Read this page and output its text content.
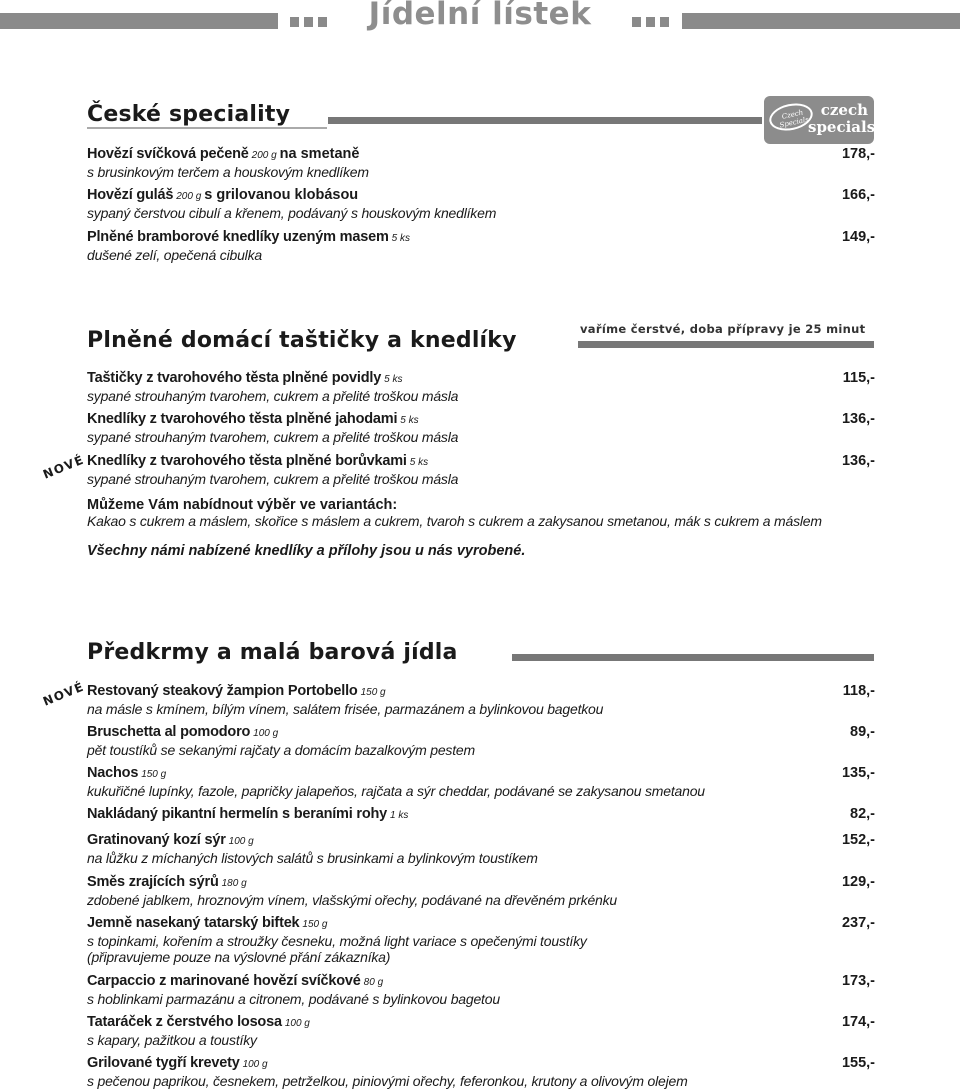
Jídelní lístek
České speciality	Czech Specials
czech
specials
Hovězí svíčková pečeně 200 g na smetaně	178,-
s brusinkovým terčem a houskovým knedlíkem
Hovězí guláš 200 g s grilovanou klobásou	166,-
sypaný čerstvou cibulí a křenem, podávaný s houskovým knedlíkem
Plněné bramborové knedlíky uzeným masem 5 ks	149,-
dušené zelí, opečená cibulka
Plněné domácí taštičky a knedlíky	vaříme čerstvé, doba přípravy je 25 minut
Taštičky z tvarohového těsta plněné povidly 5 ks	115,-
sypané strouhaným tvarohem, cukrem a přelité troškou másla
Knedlíky z tvarohového těsta plněné jahodami 5 ks	136,-
sypané strouhaným tvarohem, cukrem a přelité troškou másla
Knedlíky z tvarohového těsta plněné borůvkami 5 ks	136,-
sypané strouhaným tvarohem, cukrem a přelité troškou másla
NOVÉ
Můžeme Vám nabídnout výběr ve variantách:
Kakao s cukrem a máslem, skořice s máslem a cukrem, tvaroh s cukrem a zakysanou smetanou, mák s cukrem a máslem
Všechny námi nabízené knedlíky a přílohy jsou u nás vyrobené.
Předkrmy a malá barová jídla
Restovaný steakový žampion Portobello 150 g	118,-
na másle s kmínem, bílým vínem, salátem frisée, parmazánem a bylinkovou bagetkou
NOVÉ
Bruschetta al pomodoro 100 g	89,-
pět toustíků se sekanými rajčaty a domácím bazalkovým pestem
Nachos 150 g	135,-
kukuřičné lupínky, fazole, papričky jalapeňos, rajčata a sýr cheddar, podávané se zakysanou smetanou
Nakládaný pikantní hermelín s beraními rohy 1 ks	82,-
Gratinovaný kozí sýr 100 g	152,-
na lůžku z míchaných listových salátů s brusinkami a bylinkovým toustíkem
Směs zrajících sýrů 180 g	129,-
zdobené jablkem, hroznovým vínem, vlašskými ořechy, podávané na dřevěném prkénku
Jemně nasekaný tatarský biftek 150 g	237,-
s topinkami, kořením a stroužky česneku, možná light variace s opečenými toustíky
(připravujeme pouze na výslovné přání zákazníka)
Carpaccio z marinované hovězí svíčkové 80 g	173,-
s hoblinkami parmazánu a citronem, podávané s bylinkovou bagetou
Tataráček z čerstvého lososa 100 g	174,-
s kapary, pažitkou a toustíky
Grilované tygří krevety 100 g	155,-
s pečenou paprikou, česnekem, petrželkou, piniovými ořechy, feferonkou, krutony a olivovým olejem
